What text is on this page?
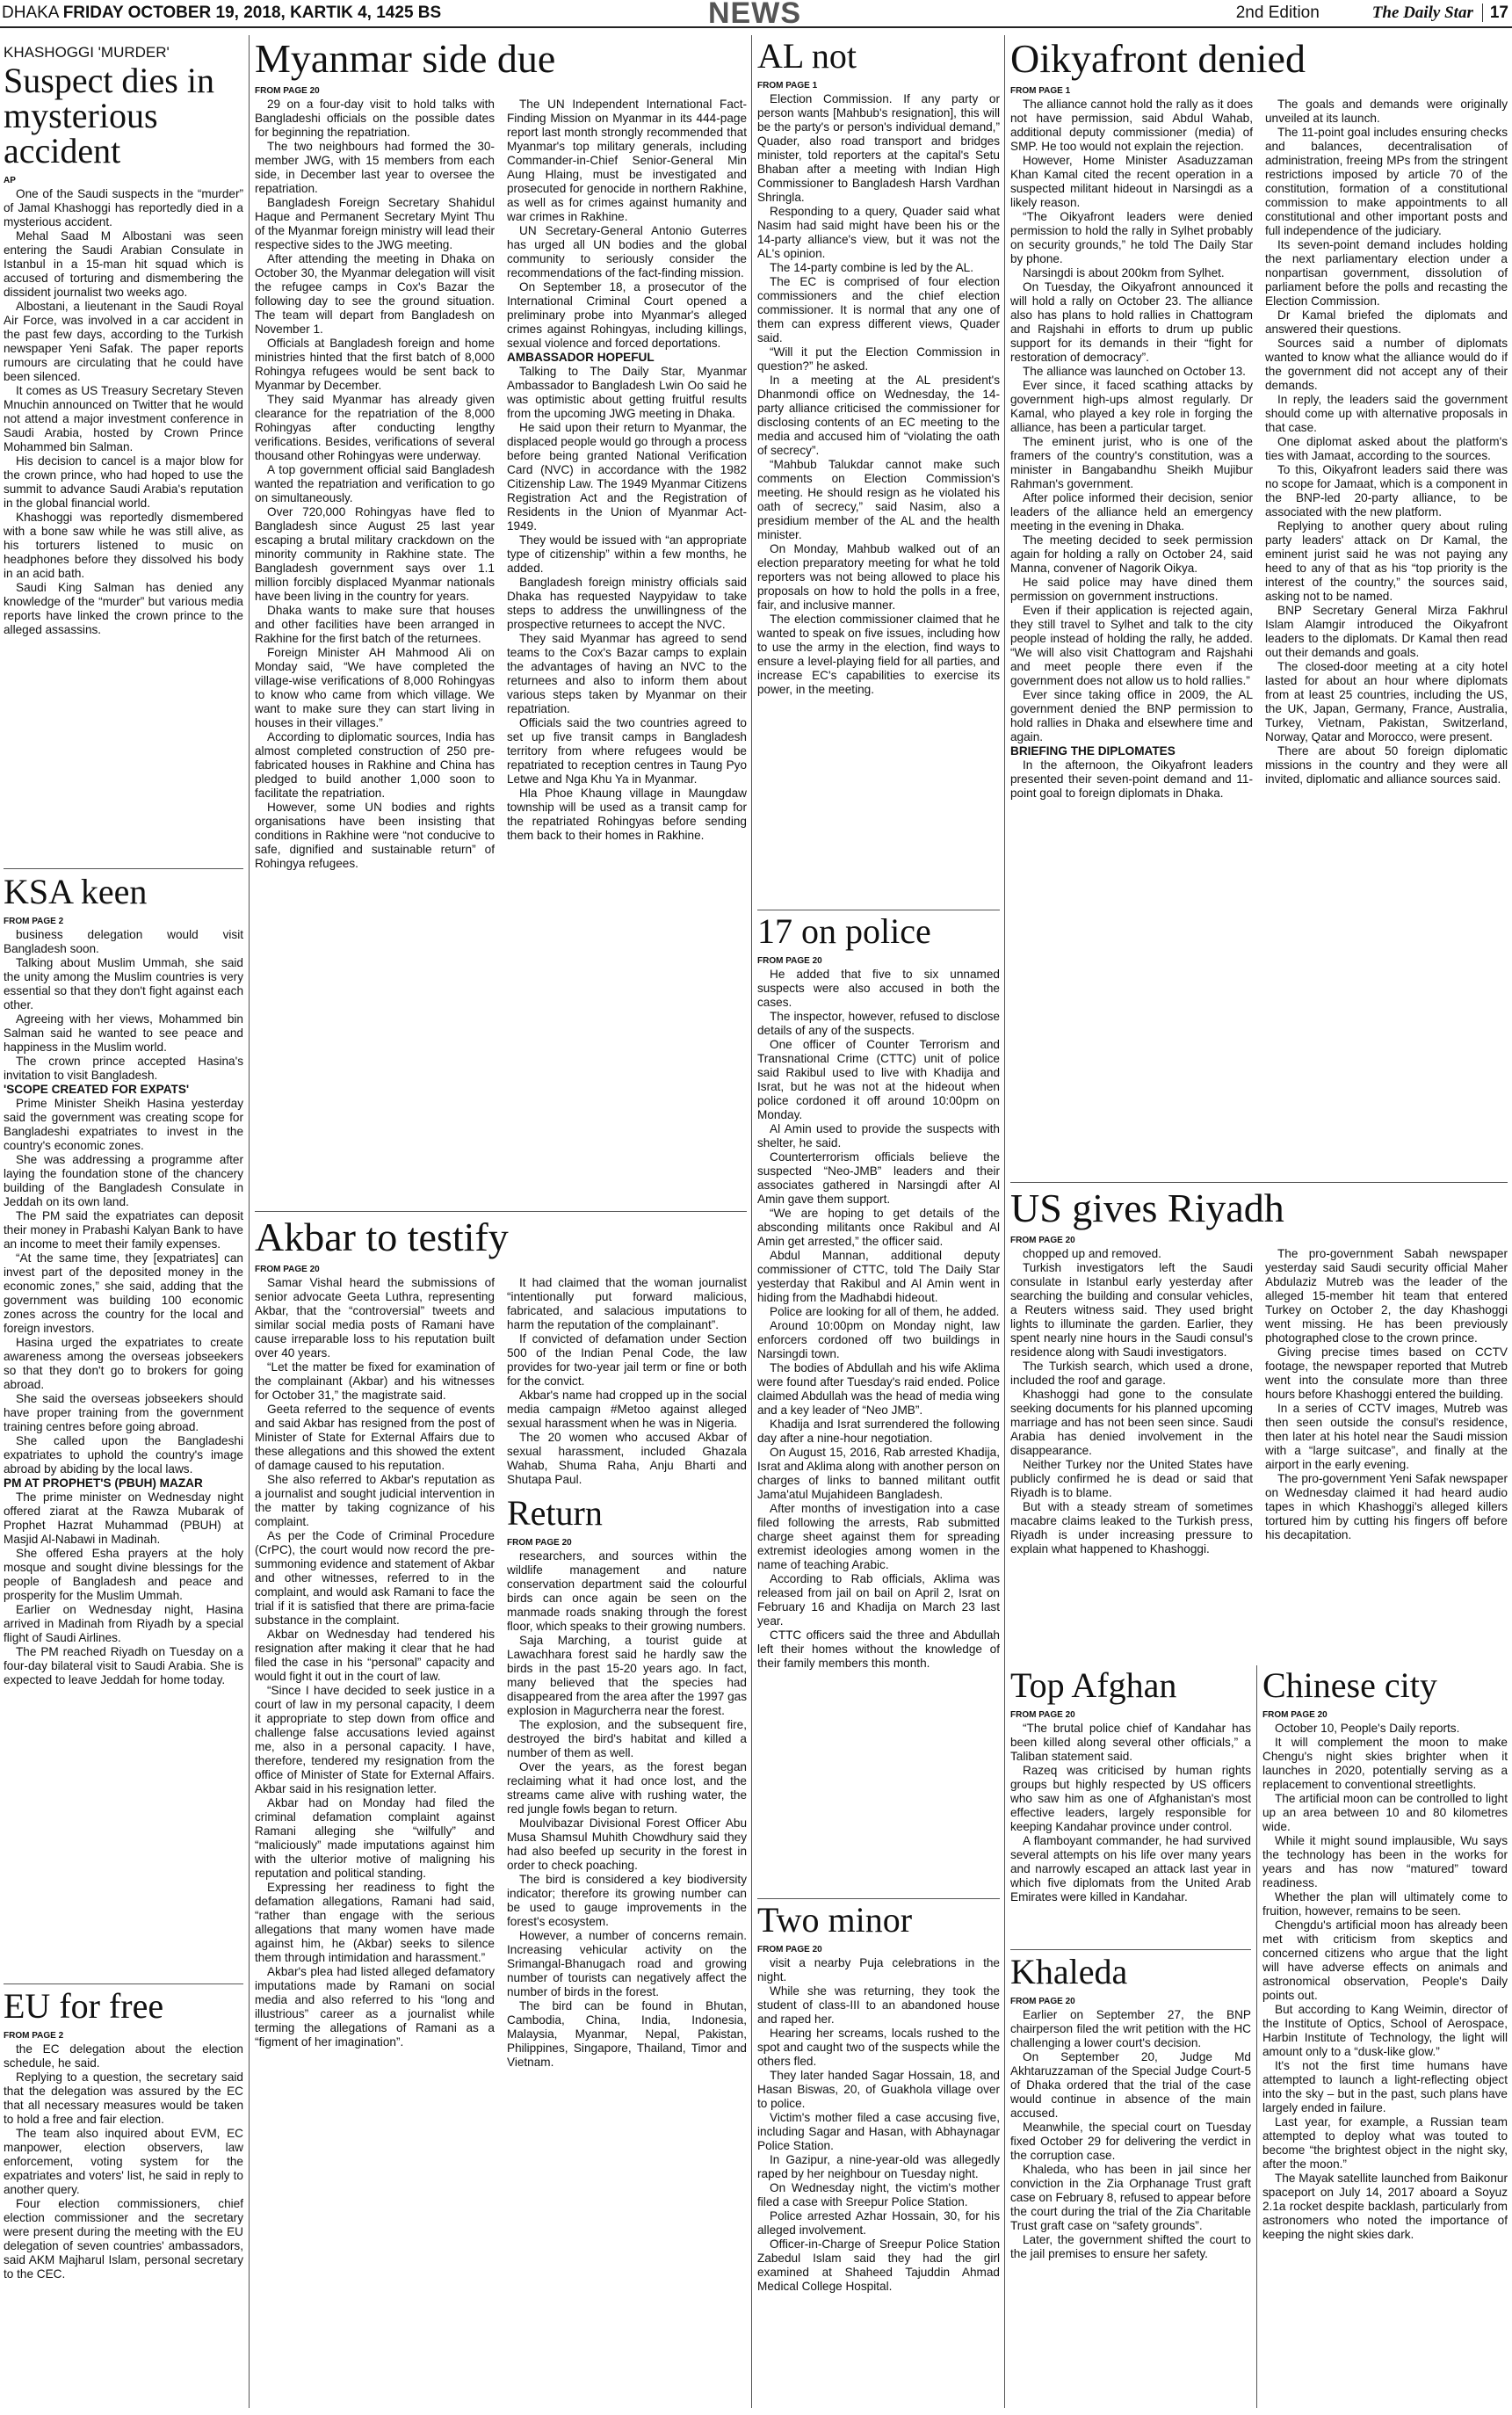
DHAKA FRIDAY OCTOBER 19, 2018, KARTIK 4, 1425 BS	NEWS	2nd Edition	The Daily Star 17
KHASHOGGI 'MURDER'
Suspect dies in mysterious accident
AP

One of the Saudi suspects in the “murder” of Jamal Khashoggi has reportedly died in a mysterious accident.

Mehal Saad M Albostani was seen entering the Saudi Arabian Consulate in Istanbul in a 15-man hit squad which is accused of torturing and dismembering the dissident journalist two weeks ago.

Albostani, a lieutenant in the Saudi Royal Air Force, was involved in a car accident in the past few days, according to the Turkish newspaper Yeni Safak. The paper reports rumours are circulating that he could have been silenced.

It comes as US Treasury Secretary Steven Mnuchin announced on Twitter that he would not attend a major investment conference in Saudi Arabia, hosted by Crown Prince Mohammed bin Salman.

His decision to cancel is a major blow for the crown prince, who had hoped to use the summit to advance Saudi Arabia's reputation in the global financial world.

Khashoggi was reportedly dismembered with a bone saw while he was still alive, as his torturers listened to music on headphones before they dissolved his body in an acid bath.

Saudi King Salman has denied any knowledge of the “murder” but various media reports have linked the crown prince to the alleged assassins.

KSA keen
FROM PAGE 2

business delegation would visit Bangladesh soon.

Talking about Muslim Ummah, she said the unity among the Muslim countries is very essential so that they don't fight against each other.

Agreeing with her views, Mohammed bin Salman said he wanted to see peace and happiness in the Muslim world.

The crown prince accepted Hasina's invitation to visit Bangladesh.

'SCOPE CREATED FOR EXPATS'

Prime Minister Sheikh Hasina yesterday said the government was creating scope for Bangladeshi expatriates to invest in the country's economic zones.

She was addressing a programme after laying the foundation stone of the chancery building of the Bangladesh Consulate in Jeddah on its own land.

The PM said the expatriates can deposit their money in Prabashi Kalyan Bank to have an income to meet their family expenses.

“At the same time, they [expatriates] can invest part of the deposited money in the economic zones,” she said, adding that the government was building 100 economic zones across the country for the local and foreign investors.

Hasina urged the expatriates to create awareness among the overseas jobseekers so that they don't go to brokers for going abroad.

She said the overseas jobseekers should have proper training from the government training centres before going abroad.

She called upon the Bangladeshi expatriates to uphold the country's image abroad by abiding by the local laws.

PM AT PROPHET'S (PBUH) MAZAR

The prime minister on Wednesday night offered ziarat at the Rawza Mubarak of Prophet Hazrat Muhammad (PBUH) at Masjid Al-Nabawi in Madinah.

She offered Esha prayers at the holy mosque and sought divine blessings for the people of Bangladesh and peace and prosperity for the Muslim Ummah.

Earlier on Wednesday night, Hasina arrived in Madinah from Riyadh by a special flight of Saudi Airlines.

The PM reached Riyadh on Tuesday on a four-day bilateral visit to Saudi Arabia. She is expected to leave Jeddah for home today.

EU for free
FROM PAGE 2

the EC delegation about the election schedule, he said.

Replying to a question, the secretary said that the delegation was assured by the EC that all necessary measures would be taken to hold a free and fair election.

The team also inquired about EVM, EC manpower, election observers, law enforcement, voting system for the expatriates and voters' list, he said in reply to another query.

Four election commissioners, chief election commissioner and the secretary were present during the meeting with the EU delegation of seven countries' ambassadors, said AKM Majharul Islam, personal secretary to the CEC.

Myanmar side due
FROM PAGE 20

29 on a four-day visit to hold talks with Bangladeshi officials on the possible dates for beginning the repatriation.

The two neighbours had formed the 30-member JWG, with 15 members from each side, in December last year to oversee the repatriation.

Bangladesh Foreign Secretary Shahidul Haque and Permanent Secretary Myint Thu of the Myanmar foreign ministry will lead their respective sides to the JWG meeting.

After attending the meeting in Dhaka on October 30, the Myanmar delegation will visit the refugee camps in Cox's Bazar the following day to see the ground situation. The team will depart from Bangladesh on November 1.

Officials at Bangladesh foreign and home ministries hinted that the first batch of 8,000 Rohingya refugees would be sent back to Myanmar by December.

They said Myanmar has already given clearance for the repatriation of the 8,000 Rohingyas after conducting lengthy verifications. Besides, verifications of several thousand other Rohingyas were underway.

A top government official said Bangladesh wanted the repatriation and verification to go on simultaneously.

Over 720,000 Rohingyas have fled to Bangladesh since August 25 last year escaping a brutal military crackdown on the minority community in Rakhine state. The Bangladesh government says over 1.1 million forcibly displaced Myanmar nationals have been living in the country for years.

Dhaka wants to make sure that houses and other facilities have been arranged in Rakhine for the first batch of the returnees.

Foreign Minister AH Mahmood Ali on Monday said, “We have completed the village-wise verifications of 8,000 Rohingyas to know who came from which village. We want to make sure they can start living in houses in their villages.”

According to diplomatic sources, India has almost completed construction of 250 pre-fabricated houses in Rakhine and China has pledged to build another 1,000 soon to facilitate the repatriation.

However, some UN bodies and rights organisations have been insisting that conditions in Rakhine were “not conducive to safe, dignified and sustainable return” of Rohingya refugees.

The UN Independent International Fact-Finding Mission on Myanmar in its 444-page report last month strongly recommended that Myanmar's top military generals, including Commander-in-Chief Senior-General Min Aung Hlaing, must be investigated and prosecuted for genocide in northern Rakhine, as well as for crimes against humanity and war crimes in Rakhine.

UN Secretary-General Antonio Guterres has urged all UN bodies and the global community to seriously consider the recommendations of the fact-finding mission.

On September 18, a prosecutor of the International Criminal Court opened a preliminary probe into Myanmar's alleged crimes against Rohingyas, including killings, sexual violence and forced deportations.

AMBASSADOR HOPEFUL

Talking to The Daily Star, Myanmar Ambassador to Bangladesh Lwin Oo said he was optimistic about getting fruitful results from the upcoming JWG meeting in Dhaka.

He said upon their return to Myanmar, the displaced people would go through a process before being granted National Verification Card (NVC) in accordance with the 1982 Citizenship Law. The 1949 Myanmar Citizens Registration Act and the Registration of Residents in the Union of Myanmar Act-1949.

They would be issued with “an appropriate type of citizenship” within a few months, he added.

Bangladesh foreign ministry officials said Dhaka has requested Naypyidaw to take steps to address the unwillingness of the prospective returnees to accept the NVC.

They said Myanmar has agreed to send teams to the Cox's Bazar camps to explain the advantages of having an NVC to the returnees and also to inform them about various steps taken by Myanmar on their repatriation.

Officials said the two countries agreed to set up five transit camps in Bangladesh territory from where refugees would be repatriated to reception centres in Taung Pyo Letwe and Nga Khu Ya in Myanmar.

Hla Phoe Khaung village in Maungdaw township will be used as a transit camp for the repatriated Rohingyas before sending them back to their homes in Rakhine.

Akbar to testify
FROM PAGE 20

Samar Vishal heard the submissions of senior advocate Geeta Luthra, representing Akbar, that the “controversial” tweets and similar social media posts of Ramani have cause irreparable loss to his reputation built over 40 years.

“Let the matter be fixed for examination of the complainant (Akbar) and his witnesses for October 31,” the magistrate said.

Geeta referred to the sequence of events and said Akbar has resigned from the post of Minister of State for External Affairs due to these allegations and this showed the extent of damage caused to his reputation.

She also referred to Akbar's reputation as a journalist and sought judicial intervention in the matter by taking cognizance of his complaint.

As per the Code of Criminal Procedure (CrPC), the court would now record the pre-summoning evidence and statement of Akbar and other witnesses, referred to in the complaint, and would ask Ramani to face the trial if it is satisfied that there are prima-facie substance in the complaint.

Akbar on Wednesday had tendered his resignation after making it clear that he had filed the case in his “personal” capacity and would fight it out in the court of law.

“Since I have decided to seek justice in a court of law in my personal capacity, I deem it appropriate to step down from office and challenge false accusations levied against me, also in a personal capacity. I have, therefore, tendered my resignation from the office of Minister of State for External Affairs. Akbar said in his resignation letter.

Akbar had on Monday had filed the criminal defamation complaint against Ramani alleging she “wilfully” and “maliciously” made imputations against him with the ulterior motive of maligning his reputation and political standing.

Expressing her readiness to fight the defamation allegations, Ramani had said, “rather than engage with the serious allegations that many women have made against him, he (Akbar) seeks to silence them through intimidation and harassment.”

Akbar's plea had listed alleged defamatory imputations made by Ramani on social media and also referred to his “long and illustrious” career as a journalist while terming the allegations of Ramani as a “figment of her imagination”.

It had claimed that the woman journalist “intentionally put forward malicious, fabricated, and salacious imputations to harm the reputation of the complainant”.

If convicted of defamation under Section 500 of the Indian Penal Code, the law provides for two-year jail term or fine or both for the convict.

Akbar's name had cropped up in the social media campaign #Metoo against alleged sexual harassment when he was in Nigeria.

The 20 women who accused Akbar of sexual harassment, included Ghazala Wahab, Shuma Raha, Anju Bharti and Shutapa Paul.

Return
FROM PAGE 20

researchers, and sources within the wildlife management and nature conservation department said the colourful birds can once again be seen on the manmade roads snaking through the forest floor, which speaks to their growing numbers.

Saja Marching, a tourist guide at Lawachhara forest said he hardly saw the birds in the past 15-20 years ago. In fact, many believed that the species had disappeared from the area after the 1997 gas explosion in Magurcherra near the forest.

The explosion, and the subsequent fire, destroyed the bird's habitat and killed a number of them as well.

Over the years, as the forest began reclaiming what it had once lost, and the streams came alive with rushing water, the red jungle fowls began to return.

Moulvibazar Divisional Forest Officer Abu Musa Shamsul Muhith Chowdhury said they had also beefed up security in the forest in order to check poaching.

The bird is considered a key biodiversity indicator; therefore its growing number can be used to gauge improvements in the forest's ecosystem.

However, a number of concerns remain. Increasing vehicular activity on the Srimangal-Bhanugach road and growing number of tourists can negatively affect the number of birds in the forest.

The bird can be found in Bhutan, Cambodia, China, India, Indonesia, Malaysia, Myanmar, Nepal, Pakistan, Philippines, Singapore, Thailand, Timor and Vietnam.

AL not
FROM PAGE 1

Election Commission. If any party or person wants [Mahbub's resignation], this will be the party's or person's individual demand,” Quader, also road transport and bridges minister, told reporters at the capital's Setu Bhaban after a meeting with Indian High Commissioner to Bangladesh Harsh Vardhan Shringla.

Responding to a query, Quader said what Nasim had said might have been his or the 14-party alliance's view, but it was not the AL's opinion.

The 14-party combine is led by the AL.

The EC is comprised of four election commissioners and the chief election commissioner. It is normal that any one of them can express different views, Quader said.

“Will it put the Election Commission in question?” he asked.

In a meeting at the AL president's Dhanmondi office on Wednesday, the 14-party alliance criticised the commissioner for disclosing contents of an EC meeting to the media and accused him of “violating the oath of secrecy”.

“Mahbub Talukdar cannot make such comments on Election Commission's meeting. He should resign as he violated his oath of secrecy,” said Nasim, also a presidium member of the AL and the health minister.

On Monday, Mahbub walked out of an election preparatory meeting for what he told reporters was not being allowed to place his proposals on how to hold the polls in a free, fair, and inclusive manner.

The election commissioner claimed that he wanted to speak on five issues, including how to use the army in the election, find ways to ensure a level-playing field for all parties, and increase EC's capabilities to exercise its power, in the meeting.

17 on police
FROM PAGE 20

He added that five to six unnamed suspects were also accused in both the cases.

The inspector, however, refused to disclose details of any of the suspects.

One officer of Counter Terrorism and Transnational Crime (CTTC) unit of police said Rakibul used to live with Khadija and Israt, but he was not at the hideout when police cordoned it off around 10:00pm on Monday.

Al Amin used to provide the suspects with shelter, he said.

Counterterrorism officials believe the suspected “Neo-JMB” leaders and their associates gathered in Narsingdi after Al Amin gave them support.

“We are hoping to get details of the absconding militants once Rakibul and Al Amin get arrested,” the officer said.

Abdul Mannan, additional deputy commissioner of CTTC, told The Daily Star yesterday that Rakibul and Al Amin went in hiding from the Madhabdi hideout.

Police are looking for all of them, he added.

Around 10:00pm on Monday night, law enforcers cordoned off two buildings in Narsingdi town.

The bodies of Abdullah and his wife Aklima were found after Tuesday's raid ended. Police claimed Abdullah was the head of media wing and a key leader of “Neo JMB”.

Khadija and Israt surrendered the following day after a nine-hour negotiation.

On August 15, 2016, Rab arrested Khadija, Israt and Aklima along with another person on charges of links to banned militant outfit Jama'atul Mujahideen Bangladesh.

After months of investigation into a case filed following the arrests, Rab submitted charge sheet against them for spreading extremist ideologies among women in the name of teaching Arabic.

According to Rab officials, Aklima was released from jail on bail on April 2, Israt on February 16 and Khadija on March 23 last year.

CTTC officers said the three and Abdullah left their homes without the knowledge of their family members this month.

Two minor
FROM PAGE 20

visit a nearby Puja celebrations in the night.

While she was returning, they took the student of class-III to an abandoned house and raped her.

Hearing her screams, locals rushed to the spot and caught two of the suspects while the others fled.

They later handed Sagar Hossain, 18, and Hasan Biswas, 20, of Guakhola village over to police.

Victim's mother filed a case accusing five, including Sagar and Hasan, with Abhaynagar Police Station.

In Gazipur, a nine-year-old was allegedly raped by her neighbour on Tuesday night.

On Wednesday night, the victim's mother filed a case with Sreepur Police Station.

Police arrested Azhar Hossain, 30, for his alleged involvement.

Officer-in-Charge of Sreepur Police Station Zabedul Islam said they had the girl examined at Shaheed Tajuddin Ahmad Medical College Hospital.

Oikyafront denied
FROM PAGE 1

The alliance cannot hold the rally as it does not have permission, said Abdul Wahab, additional deputy commissioner (media) of SMP. He too would not explain the rejection.

However, Home Minister Asaduzzaman Khan Kamal cited the recent operation in a suspected militant hideout in Narsingdi as a likely reason.

“The Oikyafront leaders were denied permission to hold the rally in Sylhet probably on security grounds,” he told The Daily Star by phone.

Narsingdi is about 200km from Sylhet.

On Tuesday, the Oikyafront announced it will hold a rally on October 23. The alliance also has plans to hold rallies in Chattogram and Rajshahi in efforts to drum up public support for its demands in their “fight for restoration of democracy”.

The alliance was launched on October 13.

Ever since, it faced scathing attacks by government high-ups almost regularly. Dr Kamal, who played a key role in forging the alliance, has been a particular target.

The eminent jurist, who is one of the framers of the country's constitution, was a minister in Bangabandhu Sheikh Mujibur Rahman's government.

After police informed their decision, senior leaders of the alliance held an emergency meeting in the evening in Dhaka.

The meeting decided to seek permission again for holding a rally on October 24, said Manna, convener of Nagorik Oikya.

He said police may have dined them permission on government instructions.

Even if their application is rejected again, they still travel to Sylhet and talk to the city people instead of holding the rally, he added. “We will also visit Chattogram and Rajshahi and meet people there even if the government does not allow us to hold rallies.”

Ever since taking office in 2009, the AL government denied the BNP permission to hold rallies in Dhaka and elsewhere time and again.

BRIEFING THE DIPLOMATES

In the afternoon, the Oikyafront leaders presented their seven-point demand and 11-point goal to foreign diplomats in Dhaka.

The goals and demands were originally unveiled at its launch.

The 11-point goal includes ensuring checks and balances, decentralisation of administration, freeing MPs from the stringent restrictions imposed by article 70 of the constitution, formation of a constitutional commission to make appointments to all constitutional and other important posts and full independence of the judiciary.

Its seven-point demand includes holding the next parliamentary election under a nonpartisan government, dissolution of parliament before the polls and recasting the Election Commission.

Dr Kamal briefed the diplomats and answered their questions.

Sources said a number of diplomats wanted to know what the alliance would do if the government did not accept any of their demands.

In reply, the leaders said the government should come up with alternative proposals in that case.

One diplomat asked about the platform's ties with Jamaat, according to the sources.

To this, Oikyafront leaders said there was no scope for Jamaat, which is a component in the BNP-led 20-party alliance, to be associated with the new platform.

Replying to another query about ruling party leaders' attack on Dr Kamal, the eminent jurist said he was not paying any heed to any of that as his “top priority is the interest of the country,” the sources said, asking not to be named.

BNP Secretary General Mirza Fakhrul Islam Alamgir introduced the Oikyafront leaders to the diplomats. Dr Kamal then read out their demands and goals.

The closed-door meeting at a city hotel lasted for about an hour where diplomats from at least 25 countries, including the US, the UK, Japan, Germany, France, Australia, Turkey, Vietnam, Pakistan, Switzerland, Norway, Qatar and Morocco, were present.

There are about 50 foreign diplomatic missions in the country and they were all invited, diplomatic and alliance sources said.

US gives Riyadh
FROM PAGE 20

chopped up and removed.

Turkish investigators left the Saudi consulate in Istanbul early yesterday after searching the building and consular vehicles, a Reuters witness said. They used bright lights to illuminate the garden. Earlier, they spent nearly nine hours in the Saudi consul's residence along with Saudi investigators.

The Turkish search, which used a drone, included the roof and garage.

Khashoggi had gone to the consulate seeking documents for his planned upcoming marriage and has not been seen since. Saudi Arabia has denied involvement in the disappearance.

Neither Turkey nor the United States have publicly confirmed he is dead or said that Riyadh is to blame.

But with a steady stream of sometimes macabre claims leaked to the Turkish press, Riyadh is under increasing pressure to explain what happened to Khashoggi.

The pro-government Sabah newspaper yesterday said Saudi security official Maher Abdulaziz Mutreb was the leader of the alleged 15-member hit team that entered Turkey on October 2, the day Khashoggi went missing. He has been previously photographed close to the crown prince.

Giving precise times based on CCTV footage, the newspaper reported that Mutreb went into the consulate more than three hours before Khashoggi entered the building.

In a series of CCTV images, Mutreb was then seen outside the consul's residence, then later at his hotel near the Saudi mission with a “large suitcase”, and finally at the airport in the early evening.

The pro-government Yeni Safak newspaper on Wednesday claimed it had heard audio tapes in which Khashoggi's alleged killers tortured him by cutting his fingers off before his decapitation.

Top Afghan
FROM PAGE 20

“The brutal police chief of Kandahar has been killed along several other officials,” a Taliban statement said.

Razeq was criticised by human rights groups but highly respected by US officers who saw him as one of Afghanistan's most effective leaders, largely responsible for keeping Kandahar province under control.

A flamboyant commander, he had survived several attempts on his life over many years and narrowly escaped an attack last year in which five diplomats from the United Arab Emirates were killed in Kandahar.

Khaleda
FROM PAGE 20

Earlier on September 27, the BNP chairperson filed the writ petition with the HC challenging a lower court's decision.

On September 20, Judge Md Akhtaruzzaman of the Special Judge Court-5 of Dhaka ordered that the trial of the case would continue in absence of the main accused.

Meanwhile, the special court on Tuesday fixed October 29 for delivering the verdict in the corruption case.

Khaleda, who has been in jail since her conviction in the Zia Orphanage Trust graft case on February 8, refused to appear before the court during the trial of the Zia Charitable Trust graft case on “safety grounds”.

Later, the government shifted the court to the jail premises to ensure her safety.

Chinese city
FROM PAGE 20

October 10, People's Daily reports.

It will complement the moon to make Chengu's night skies brighter when it launches in 2020, potentially serving as a replacement to conventional streetlights.

The artificial moon can be controlled to light up an area between 10 and 80 kilometres wide.

While it might sound implausible, Wu says the technology has been in the works for years and has now “matured” toward readiness.

Whether the plan will ultimately come to fruition, however, remains to be seen.

Chengdu's artificial moon has already been met with criticism from skeptics and concerned citizens who argue that the light will have adverse effects on animals and astronomical observation, People's Daily points out.

But according to Kang Weimin, director of the Institute of Optics, School of Aerospace, Harbin Institute of Technology, the light will amount only to a “dusk-like glow.”

It's not the first time humans have attempted to launch a light-reflecting object into the sky – but in the past, such plans have largely ended in failure.

Last year, for example, a Russian team attempted to deploy what was touted to become “the brightest object in the night sky, after the moon.”

The Mayak satellite launched from Baikonur spaceport on July 14, 2017 aboard a Soyuz 2.1a rocket despite backlash, particularly from astronomers who noted the importance of keeping the night skies dark.
